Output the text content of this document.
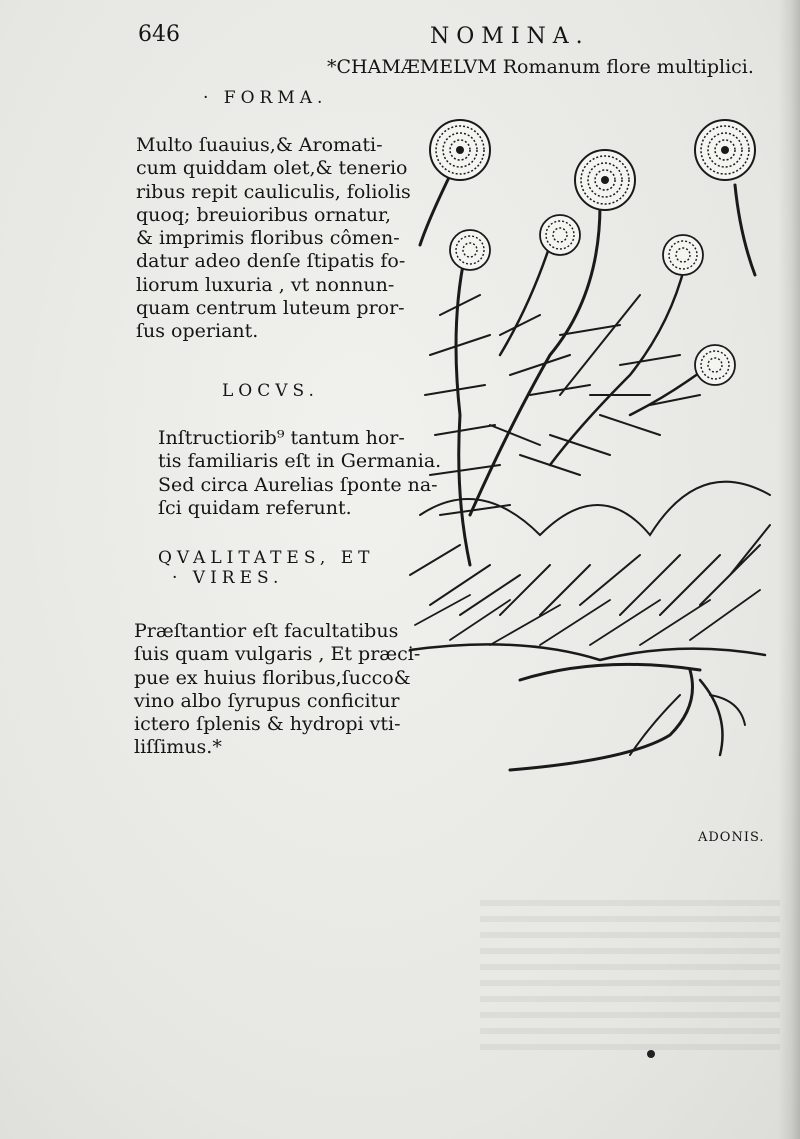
646	NOMINA.
*CHAMÆMELVM Romanum flore multiplici.
· FORMA.
Multo ſuauius,& Aromati-
cum quiddam olet,& tenerio
ribus repit cauliculis, foliolis
quoq; breuioribus ornatur,
& imprimis floribus cômen-
datur adeo denſe ſtipatis fo-
liorum luxuria , vt nonnun-
quam centrum luteum pror-
ſus operiant.
LOCVS.
Inſtructiorib⁹ tantum hor-
tis familiaris eſt in Germania.
Sed circa Aurelias ſponte na-
ſci quidam referunt.
QVALITATES, ET
· VIRES.
Præſtantior eſt facultatibus
ſuis quam vulgaris , Et præci-
pue ex huius floribus,ſucco&
vino albo ſyrupus conficitur
ictero ſplenis & hydropi vti-
liſſimus.*
ADONIS.
